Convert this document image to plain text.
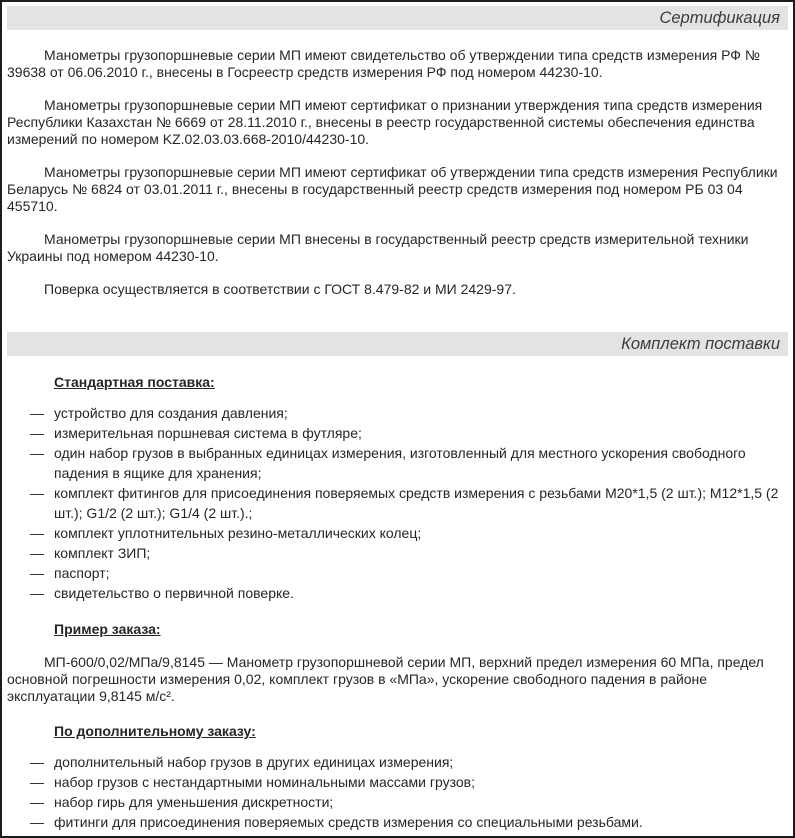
Сертификация

Манометры грузопоршневые серии МП имеют свидетельство об утверждении типа средств измерения РФ № 39638 от 06.06.2010 г., внесены в Госреестр средств измерения РФ под номером 44230-10.

Манометры грузопоршневые серии МП имеют сертификат о признании утверждения типа средств измерения Республики Казахстан № 6669 от 28.11.2010 г., внесены в реестр государственной системы обеспечения единства измерений по номером KZ.02.03.03.668-2010/44230-10.

Манометры грузопоршневые серии МП имеют сертификат об утверждении типа средств измерения Республики Беларусь № 6824 от 03.01.2011 г., внесены в государственный реестр средств измерения под номером РБ 03 04 455710.

Манометры грузопоршневые серии МП внесены в государственный реестр средств измерительной техники Украины под номером 44230-10.

Поверка осуществляется в соответствии с ГОСТ 8.479-82 и МИ 2429-97.

Комплект поставки

Стандартная поставка:

— устройство для создания давления;
— измерительная поршневая система в футляре;
— один набор грузов в выбранных единицах измерения, изготовленный для местного ускорения свободного падения в ящике для хранения;
— комплект фитингов для присоединения поверяемых средств измерения с резьбами М20*1,5 (2 шт.); М12*1,5 (2 шт.); G1/2 (2 шт.); G1/4 (2 шт.).;
— комплект уплотнительных резино-металлических колец;
— комплект ЗИП;
— паспорт;
— свидетельство о первичной поверке.

Пример заказа:

МП-600/0,02/МПа/9,8145 — Манометр грузопоршневой серии МП, верхний предел измерения 60 МПа, предел основной погрешности измерения 0,02, комплект грузов в «МПа», ускорение свободного падения в районе эксплуатации 9,8145 м/с².

По дополнительному заказу:

— дополнительный набор грузов в других единицах измерения;
— набор грузов с нестандартными номинальными массами грузов;
— набор гирь для уменьшения дискретности;
— фитинги для присоединения поверяемых средств измерения со специальными резьбами.
